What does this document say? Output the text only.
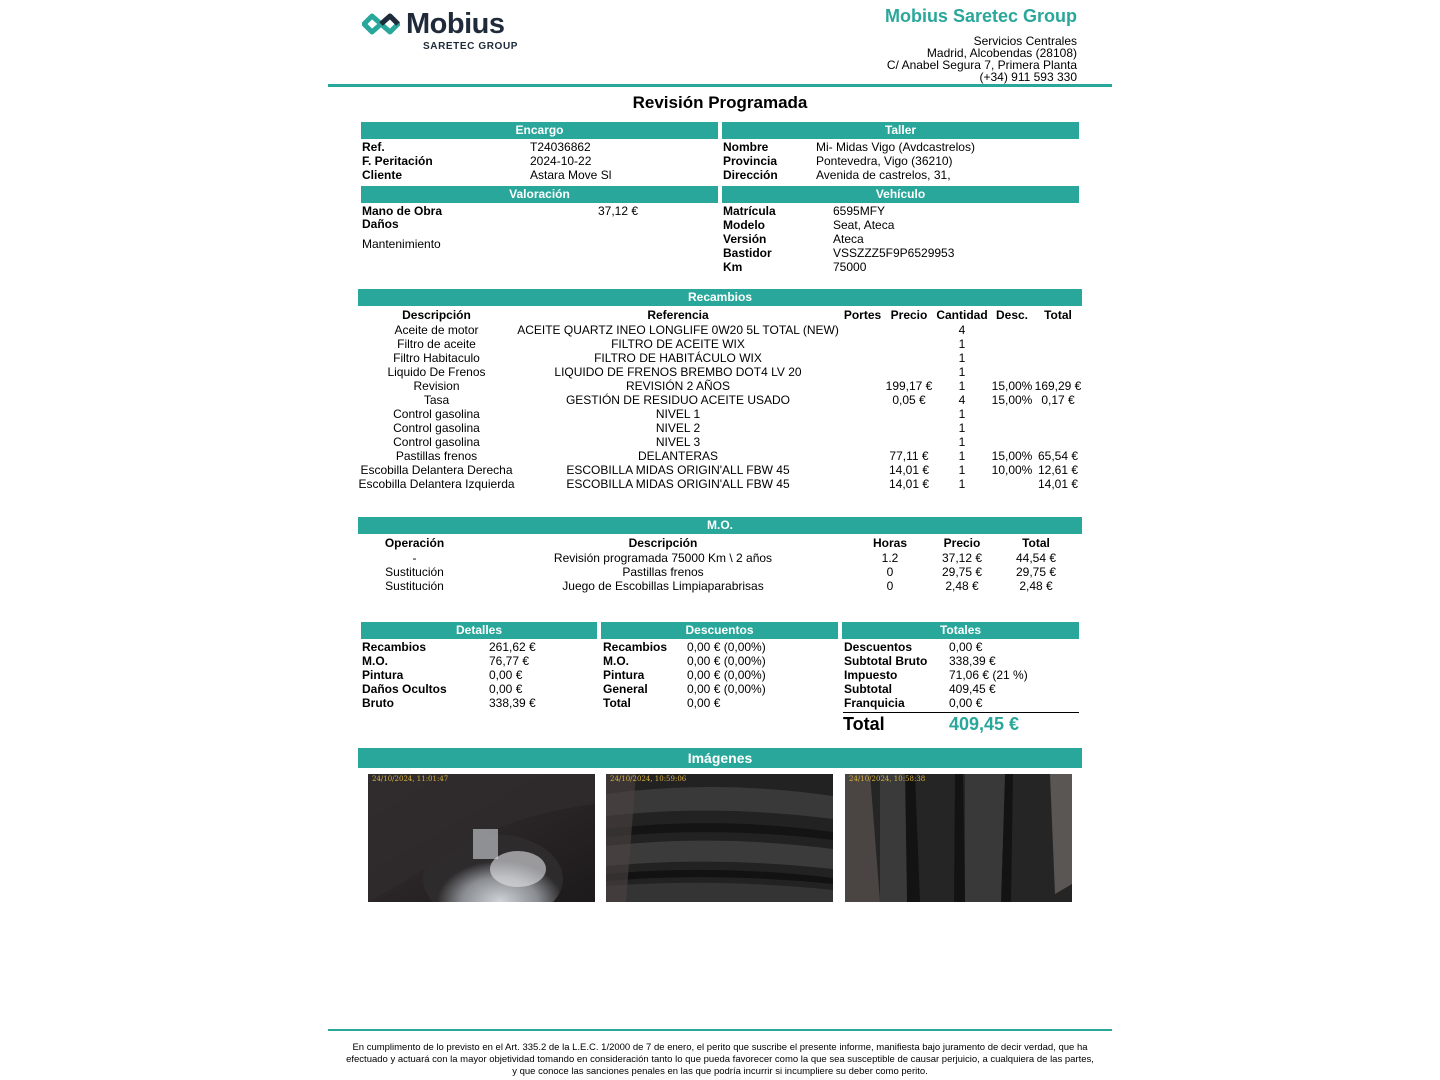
Mobius
SARETEC GROUP
Mobius Saretec Group
Servicios Centrales
Madrid, Alcobendas (28108)
C/ Anabel Segura 7, Primera Planta
(+34) 911 593 330
Revisión Programada
Encargo
Ref.	T24036862
F. Peritación	2024-10-22
Cliente	Astara Move Sl
Taller
Nombre	Mi- Midas Vigo (Avdcastrelos)
Provincia	Pontevedra, Vigo (36210)
Dirección	Avenida de castrelos, 31,
Valoración
Mano de Obra	37,12 €
Daños
Mantenimiento
Vehículo
Matrícula	6595MFY
Modelo	Seat, Ateca
Versión	Ateca
Bastidor	VSSZZZ5F9P6529953
Km	75000
Recambios
Descripción	Referencia	Portes	Precio	Cantidad	Desc.	Total
Aceite de motor	ACEITE QUARTZ INEO LONGLIFE 0W20 5L TOTAL (NEW)			4		
Filtro de aceite	FILTRO DE ACEITE WIX			1		
Filtro Habitaculo	FILTRO DE HABITÁCULO WIX			1		
Liquido De Frenos	LIQUIDO DE FRENOS BREMBO DOT4 LV 20			1		
Revision	REVISIÓN 2 AÑOS		199,17 €	1	15,00%	169,29 €
Tasa	GESTIÓN DE RESIDUO ACEITE USADO		0,05 €	4	15,00%	0,17 €
Control gasolina	NIVEL 1			1		
Control gasolina	NIVEL 2			1		
Control gasolina	NIVEL 3			1		
Pastillas frenos	DELANTERAS		77,11 €	1	15,00%	65,54 €
Escobilla Delantera Derecha	ESCOBILLA MIDAS ORIGIN'ALL FBW 45		14,01 €	1	10,00%	12,61 €
Escobilla Delantera Izquierda	ESCOBILLA MIDAS ORIGIN'ALL FBW 45		14,01 €	1		14,01 €
M.O.
Operación	Descripción	Horas	Precio	Total	
-	Revisión programada 75000 Km \ 2 años	1.2	37,12 €	44,54 €	
Sustitución	Pastillas frenos	0	29,75 €	29,75 €	
Sustitución	Juego de Escobillas Limpiaparabrisas	0	2,48 €	2,48 €	
Detalles
Recambios	261,62 €
M.O.	76,77 €
Pintura	0,00 €
Daños Ocultos	0,00 €
Bruto	338,39 €
Descuentos
Recambios 0,00 € (0,00%)
M.O.	0,00 € (0,00%)
Pintura	0,00 € (0,00%)
General	0,00 € (0,00%)
Total	0,00 €
Totales
Descuentos	0,00 €
Subtotal Bruto 338,39 €
Impuesto	71,06 € (21 %)
Subtotal	409,45 €
Franquicia	0,00 €
Total	409,45 €
Imágenes
24/10/2024, 11:01:47	24/10/2024, 10:59:06	24/10/2024, 10:58:38
En cumplimento de lo previsto en el Art. 335.2 de la L.E.C. 1/2000 de 7 de enero, el perito que suscribe el presente informe, manifiesta bajo juramento de decir verdad, que ha
efectuado y actuará con la mayor objetividad tomando en consideración tanto lo que pueda favorecer como la que sea susceptible de causar perjuicio, a cualquiera de las partes,
y que conoce las sanciones penales en las que podría incurrir si incumpliere su deber como perito.
